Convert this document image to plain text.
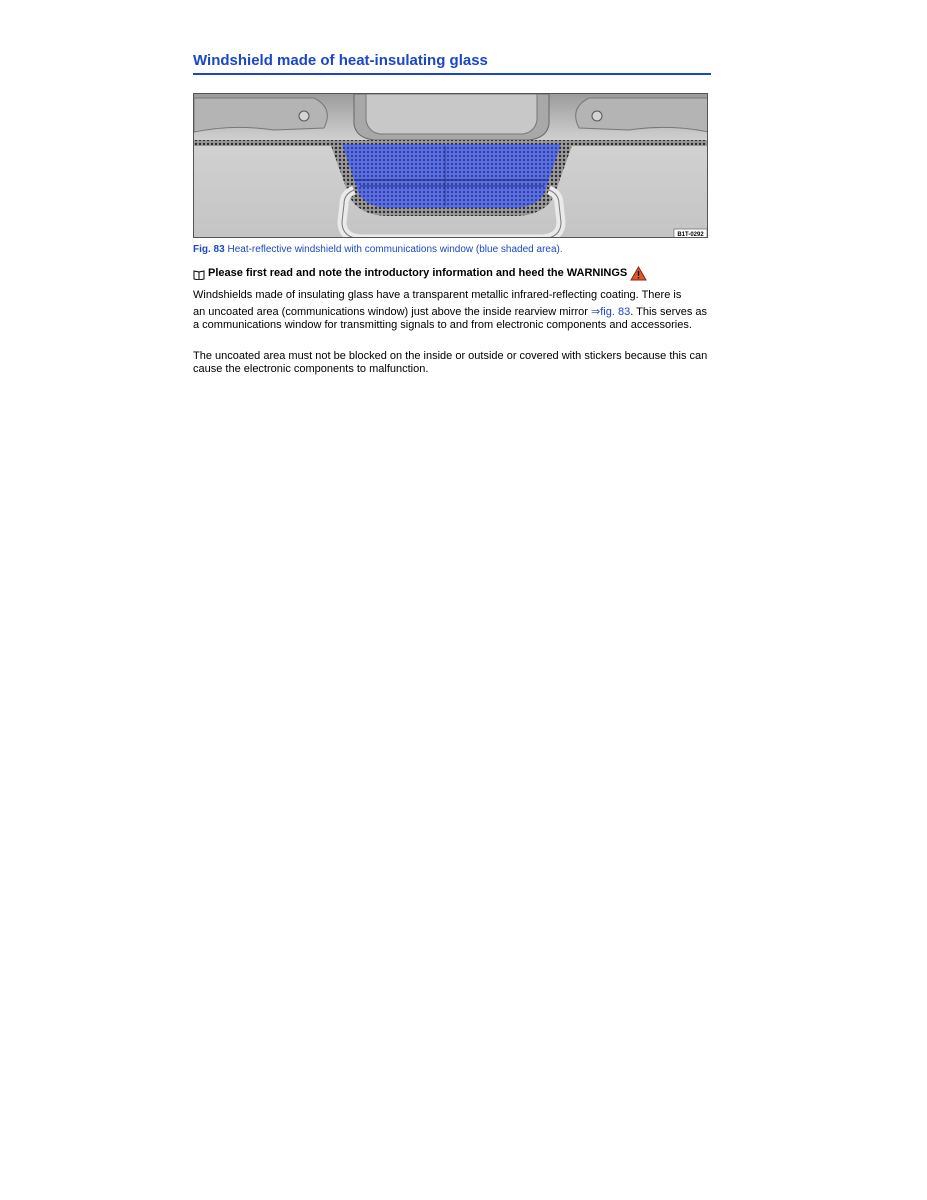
Windshield made of heat-insulating glass
B1T-0292
Fig. 83 Heat-reflective windshield with communications window (blue shaded area).
Please first read and note the introductory information and heed the WARNINGS
Windshields made of insulating glass have a transparent metallic infrared-reflecting coating. There is
an uncoated area (communications window) just above the inside rearview mirror ⇒fig. 83. This serves as a communications window for transmitting signals to and from electronic components and accessories.
The uncoated area must not be blocked on the inside or outside or covered with stickers because this can cause the electronic components to malfunction.
